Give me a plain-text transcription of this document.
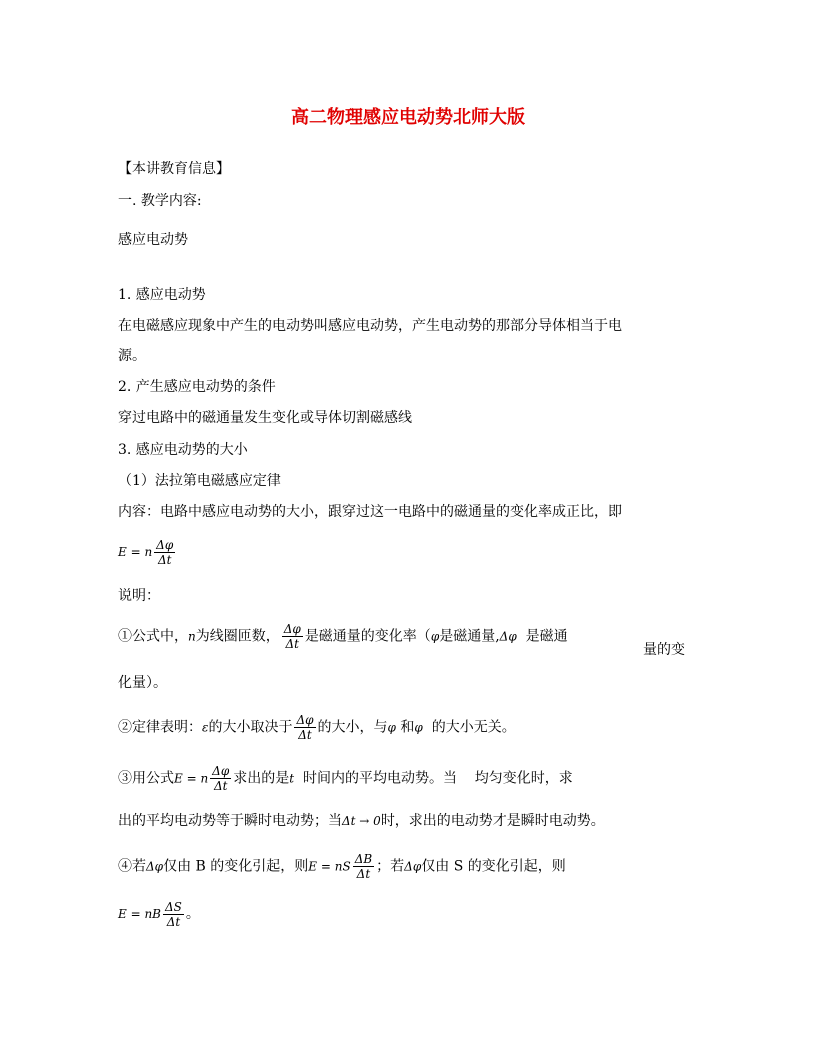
高二物理感应电动势北师大版
【本讲教育信息】
一. 教学内容:
感应电动势
1. 感应电动势
在电磁感应现象中产生的电动势叫感应电动势，产生电动势的那部分导体相当于电
源。
2. 产生感应电动势的条件
穿过电路中的磁通量发生变化或导体切割磁感线
3. 感应电动势的大小
（1）法拉第电磁感应定律
内容：电路中感应电动势的大小，跟穿过这一电路中的磁通量的变化率成正比，即
E = n $\frac{\Delta\varphi}{\Delta t}$
说明：
①公式中，n为线圈匝数， $\frac{\Delta\varphi}{\Delta t}$ 是磁通量的变化率（φ是磁通量,Δφ 是磁通
量的变
化量）。
②定律表明：ε的大小取决于 $\frac{\Delta\varphi}{\Delta t}$ 的大小，与φ 和φ 的大小无关。
③用公式E = n $\frac{\Delta\varphi}{\Delta t}$ 求出的是t 时间内的平均电动势。当 均匀变化时，求
出的平均电动势等于瞬时电动势；当Δt → 0时，求出的电动势才是瞬时电动势。
④若Δφ仅由 B 的变化引起，则E = nS $\frac{\Delta B}{\Delta t}$ ；若Δφ仅由 S 的变化引起，则
E = nB $\frac{\Delta S}{\Delta t}$ 。
